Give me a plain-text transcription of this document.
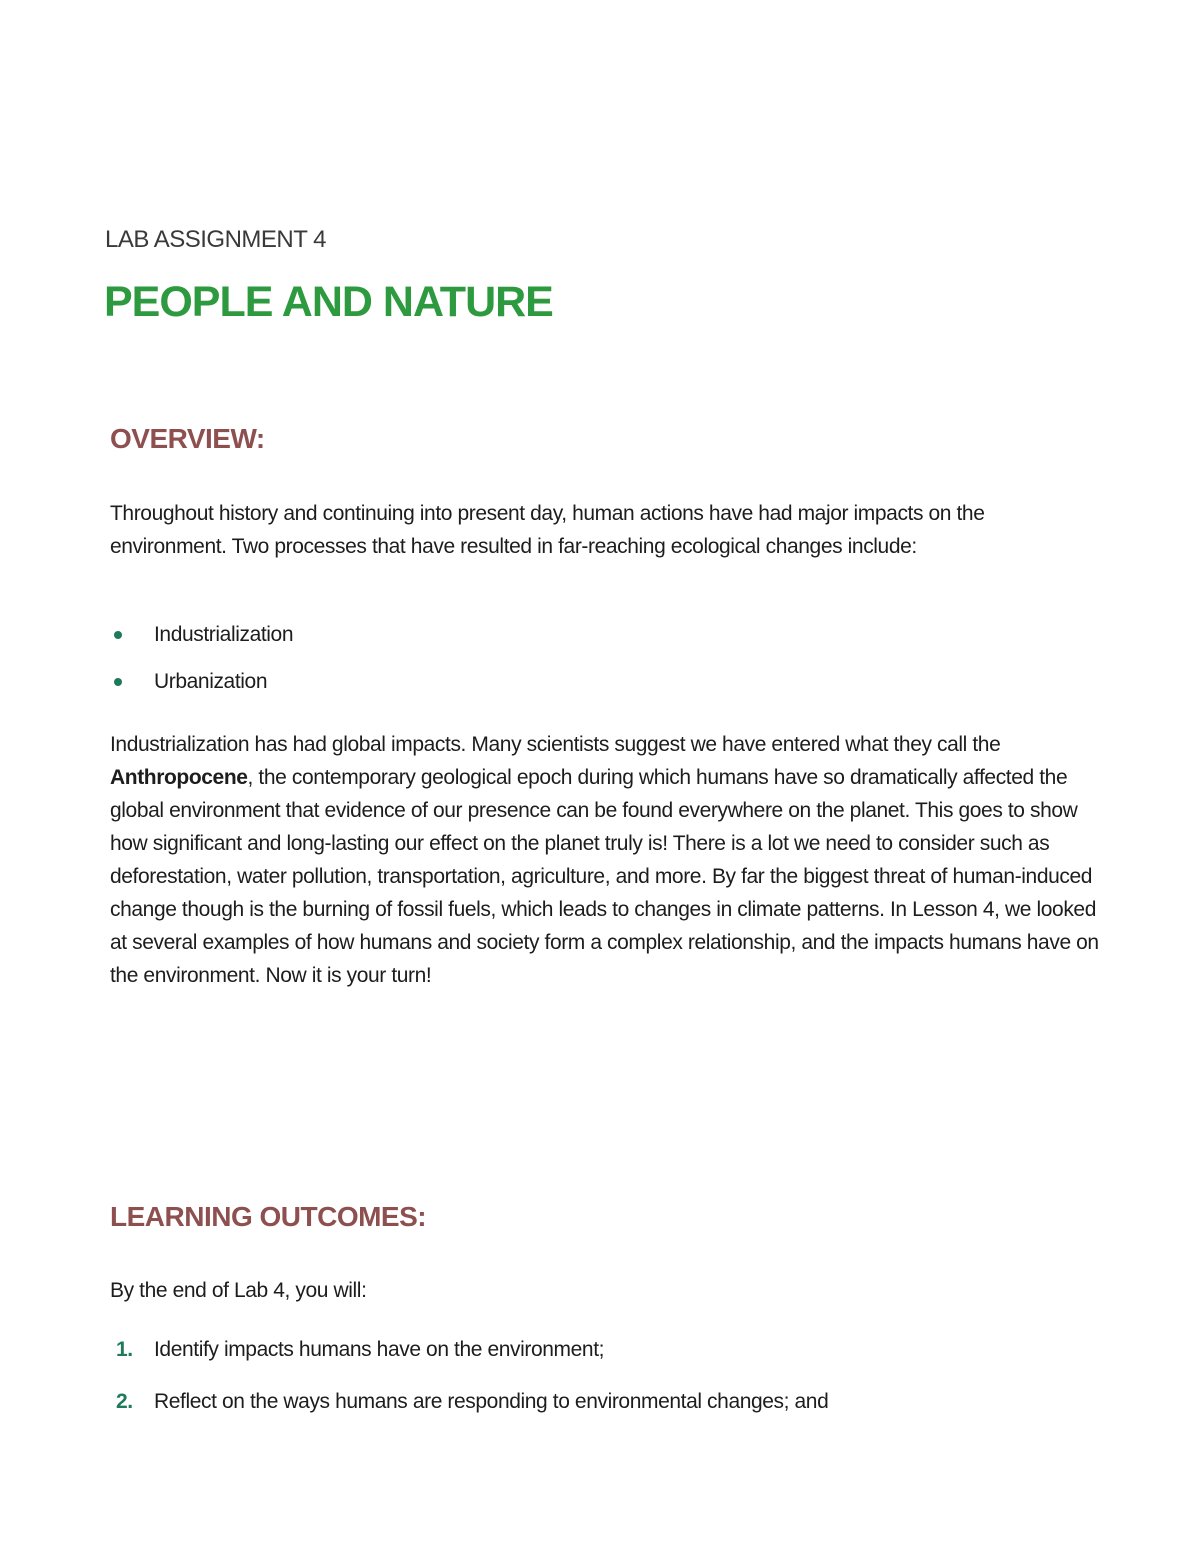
LAB ASSIGNMENT 4

PEOPLE AND NATURE
OVERVIEW:

Throughout history and continuing into present day, human actions have had major impacts on the environment. Two processes that have resulted in far-reaching ecological changes include:

Industrialization
Urbanization

Industrialization has had global impacts. Many scientists suggest we have entered what they call the Anthropocene, the contemporary geological epoch during which humans have so dramatically affected the global environment that evidence of our presence can be found everywhere on the planet. This goes to show how significant and long-lasting our effect on the planet truly is! There is a lot we need to consider such as deforestation, water pollution, transportation, agriculture, and more. By far the biggest threat of human-induced change though is the burning of fossil fuels, which leads to changes in climate patterns. In Lesson 4, we looked at several examples of how humans and society form a complex relationship, and the impacts humans have on the environment. Now it is your turn!

LEARNING OUTCOMES:

By the end of Lab 4, you will:

1. Identify impacts humans have on the environment;
2. Reflect on the ways humans are responding to environmental changes; and
